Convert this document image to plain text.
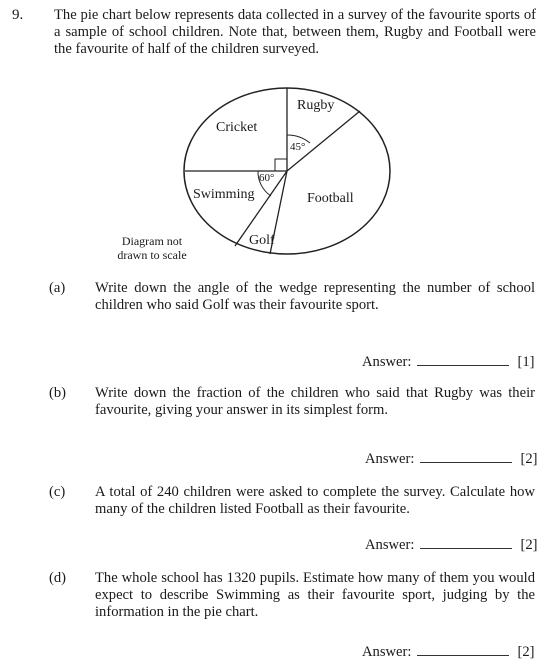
9. The pie chart below represents data collected in a survey of the favourite sports of a sample of school children. Note that, between them, Rugby and Football were the favourite of half of the children surveyed.
Rugby
Cricket
Football
Swimming
Golf
45°
60°
Diagram not drawn to scale
(a) Write down the angle of the wedge representing the number of school children who said Golf was their favourite sport.
Answer:	[1]
(b) Write down the fraction of the children who said that Rugby was their favourite, giving your answer in its simplest form.
Answer:	[2]
(c) A total of 240 children were asked to complete the survey. Calculate how many of the children listed Football as their favourite.
Answer:	[2]
(d) The whole school has 1320 pupils. Estimate how many of them you would expect to describe Swimming as their favourite sport, judging by the information in the pie chart.
Answer:	[2]
